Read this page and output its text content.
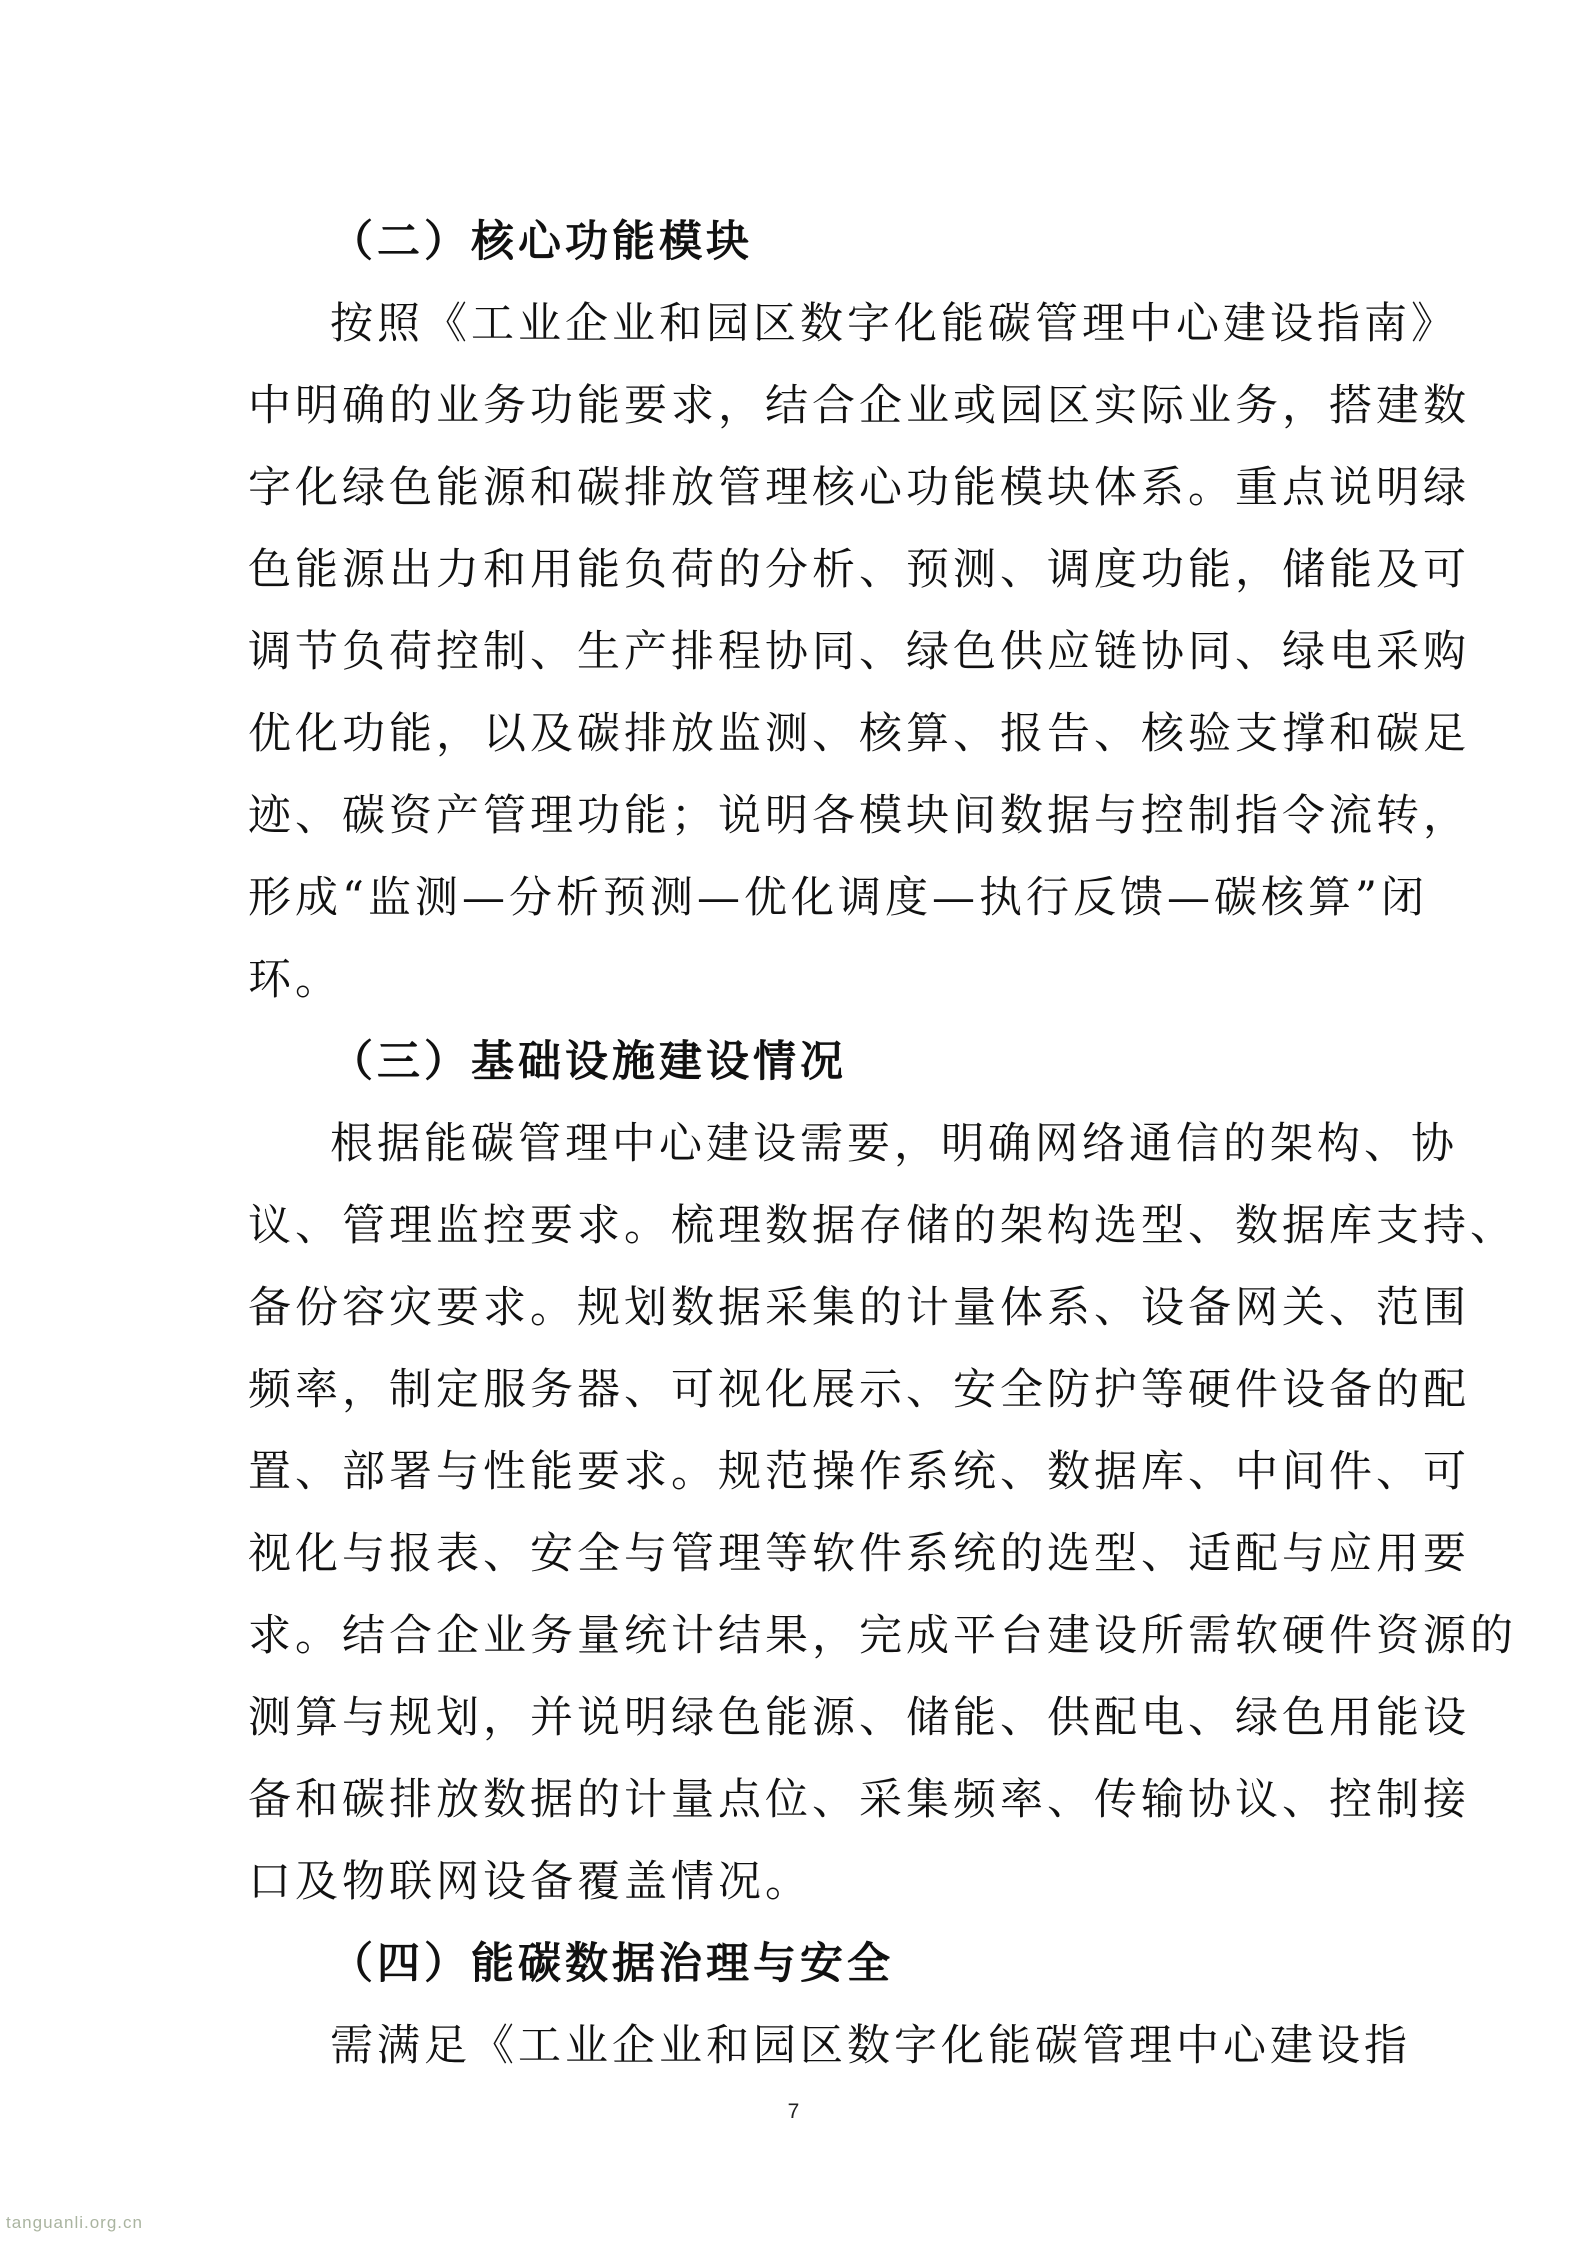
（二）核心功能模块
按照《工业企业和园区数字化能碳管理中心建设指南》
中明确的业务功能要求，结合企业或园区实际业务，搭建数
字化绿色能源和碳排放管理核心功能模块体系。重点说明绿
色能源出力和用能负荷的分析、预测、调度功能，储能及可
调节负荷控制、生产排程协同、绿色供应链协同、绿电采购
优化功能，以及碳排放监测、核算、报告、核验支撑和碳足
迹、碳资产管理功能；说明各模块间数据与控制指令流转，
形成“监测—分析预测—优化调度—执行反馈—碳核算”闭
环。
（三）基础设施建设情况
根据能碳管理中心建设需要，明确网络通信的架构、协
议、管理监控要求。梳理数据存储的架构选型、数据库支持、
备份容灾要求。规划数据采集的计量体系、设备网关、范围
频率，制定服务器、可视化展示、安全防护等硬件设备的配
置、部署与性能要求。规范操作系统、数据库、中间件、可
视化与报表、安全与管理等软件系统的选型、适配与应用要
求。结合企业务量统计结果，完成平台建设所需软硬件资源的
测算与规划，并说明绿色能源、储能、供配电、绿色用能设
备和碳排放数据的计量点位、采集频率、传输协议、控制接
口及物联网设备覆盖情况。
（四）能碳数据治理与安全
需满足《工业企业和园区数字化能碳管理中心建设指
7
tanguanli.org.cn
